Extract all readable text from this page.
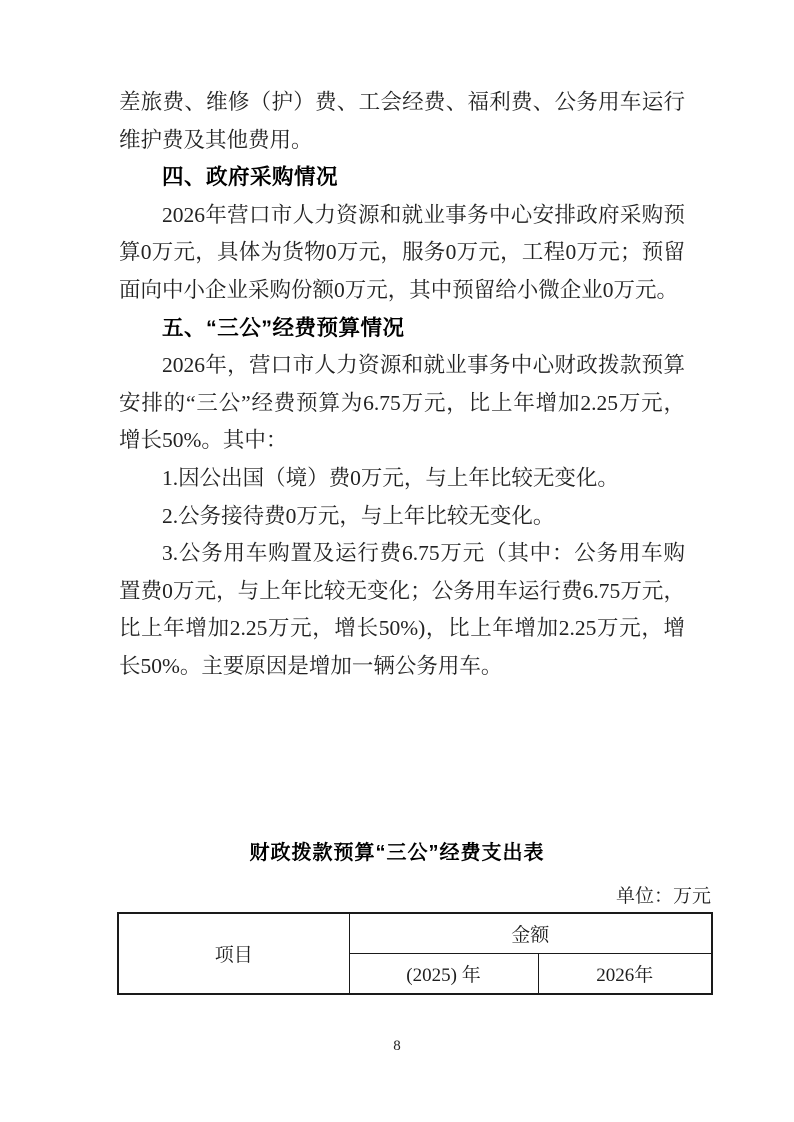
差旅费、维修（护）费、工会经费、福利费、公务用车运行维护费及其他费用。

四、政府采购情况

2026年营口市人力资源和就业事务中心安排政府采购预算0万元，具体为货物0万元，服务0万元，工程0万元；预留面向中小企业采购份额0万元，其中预留给小微企业0万元。

五、“三公”经费预算情况

2026年，营口市人力资源和就业事务中心财政拨款预算安排的“三公”经费预算为6.75万元，比上年增加2.25万元，增长50%。其中：

1.因公出国（境）费0万元，与上年比较无变化。

2.公务接待费0万元，与上年比较无变化。

3.公务用车购置及运行费6.75万元（其中：公务用车购置费0万元，与上年比较无变化；公务用车运行费6.75万元，比上年增加2.25万元，增长50%)，比上年增加2.25万元，增长50%。主要原因是增加一辆公务用车。

财政拨款预算“三公”经费支出表
单位：万元
项目	金额	
	(2025) 年	2026年
8
